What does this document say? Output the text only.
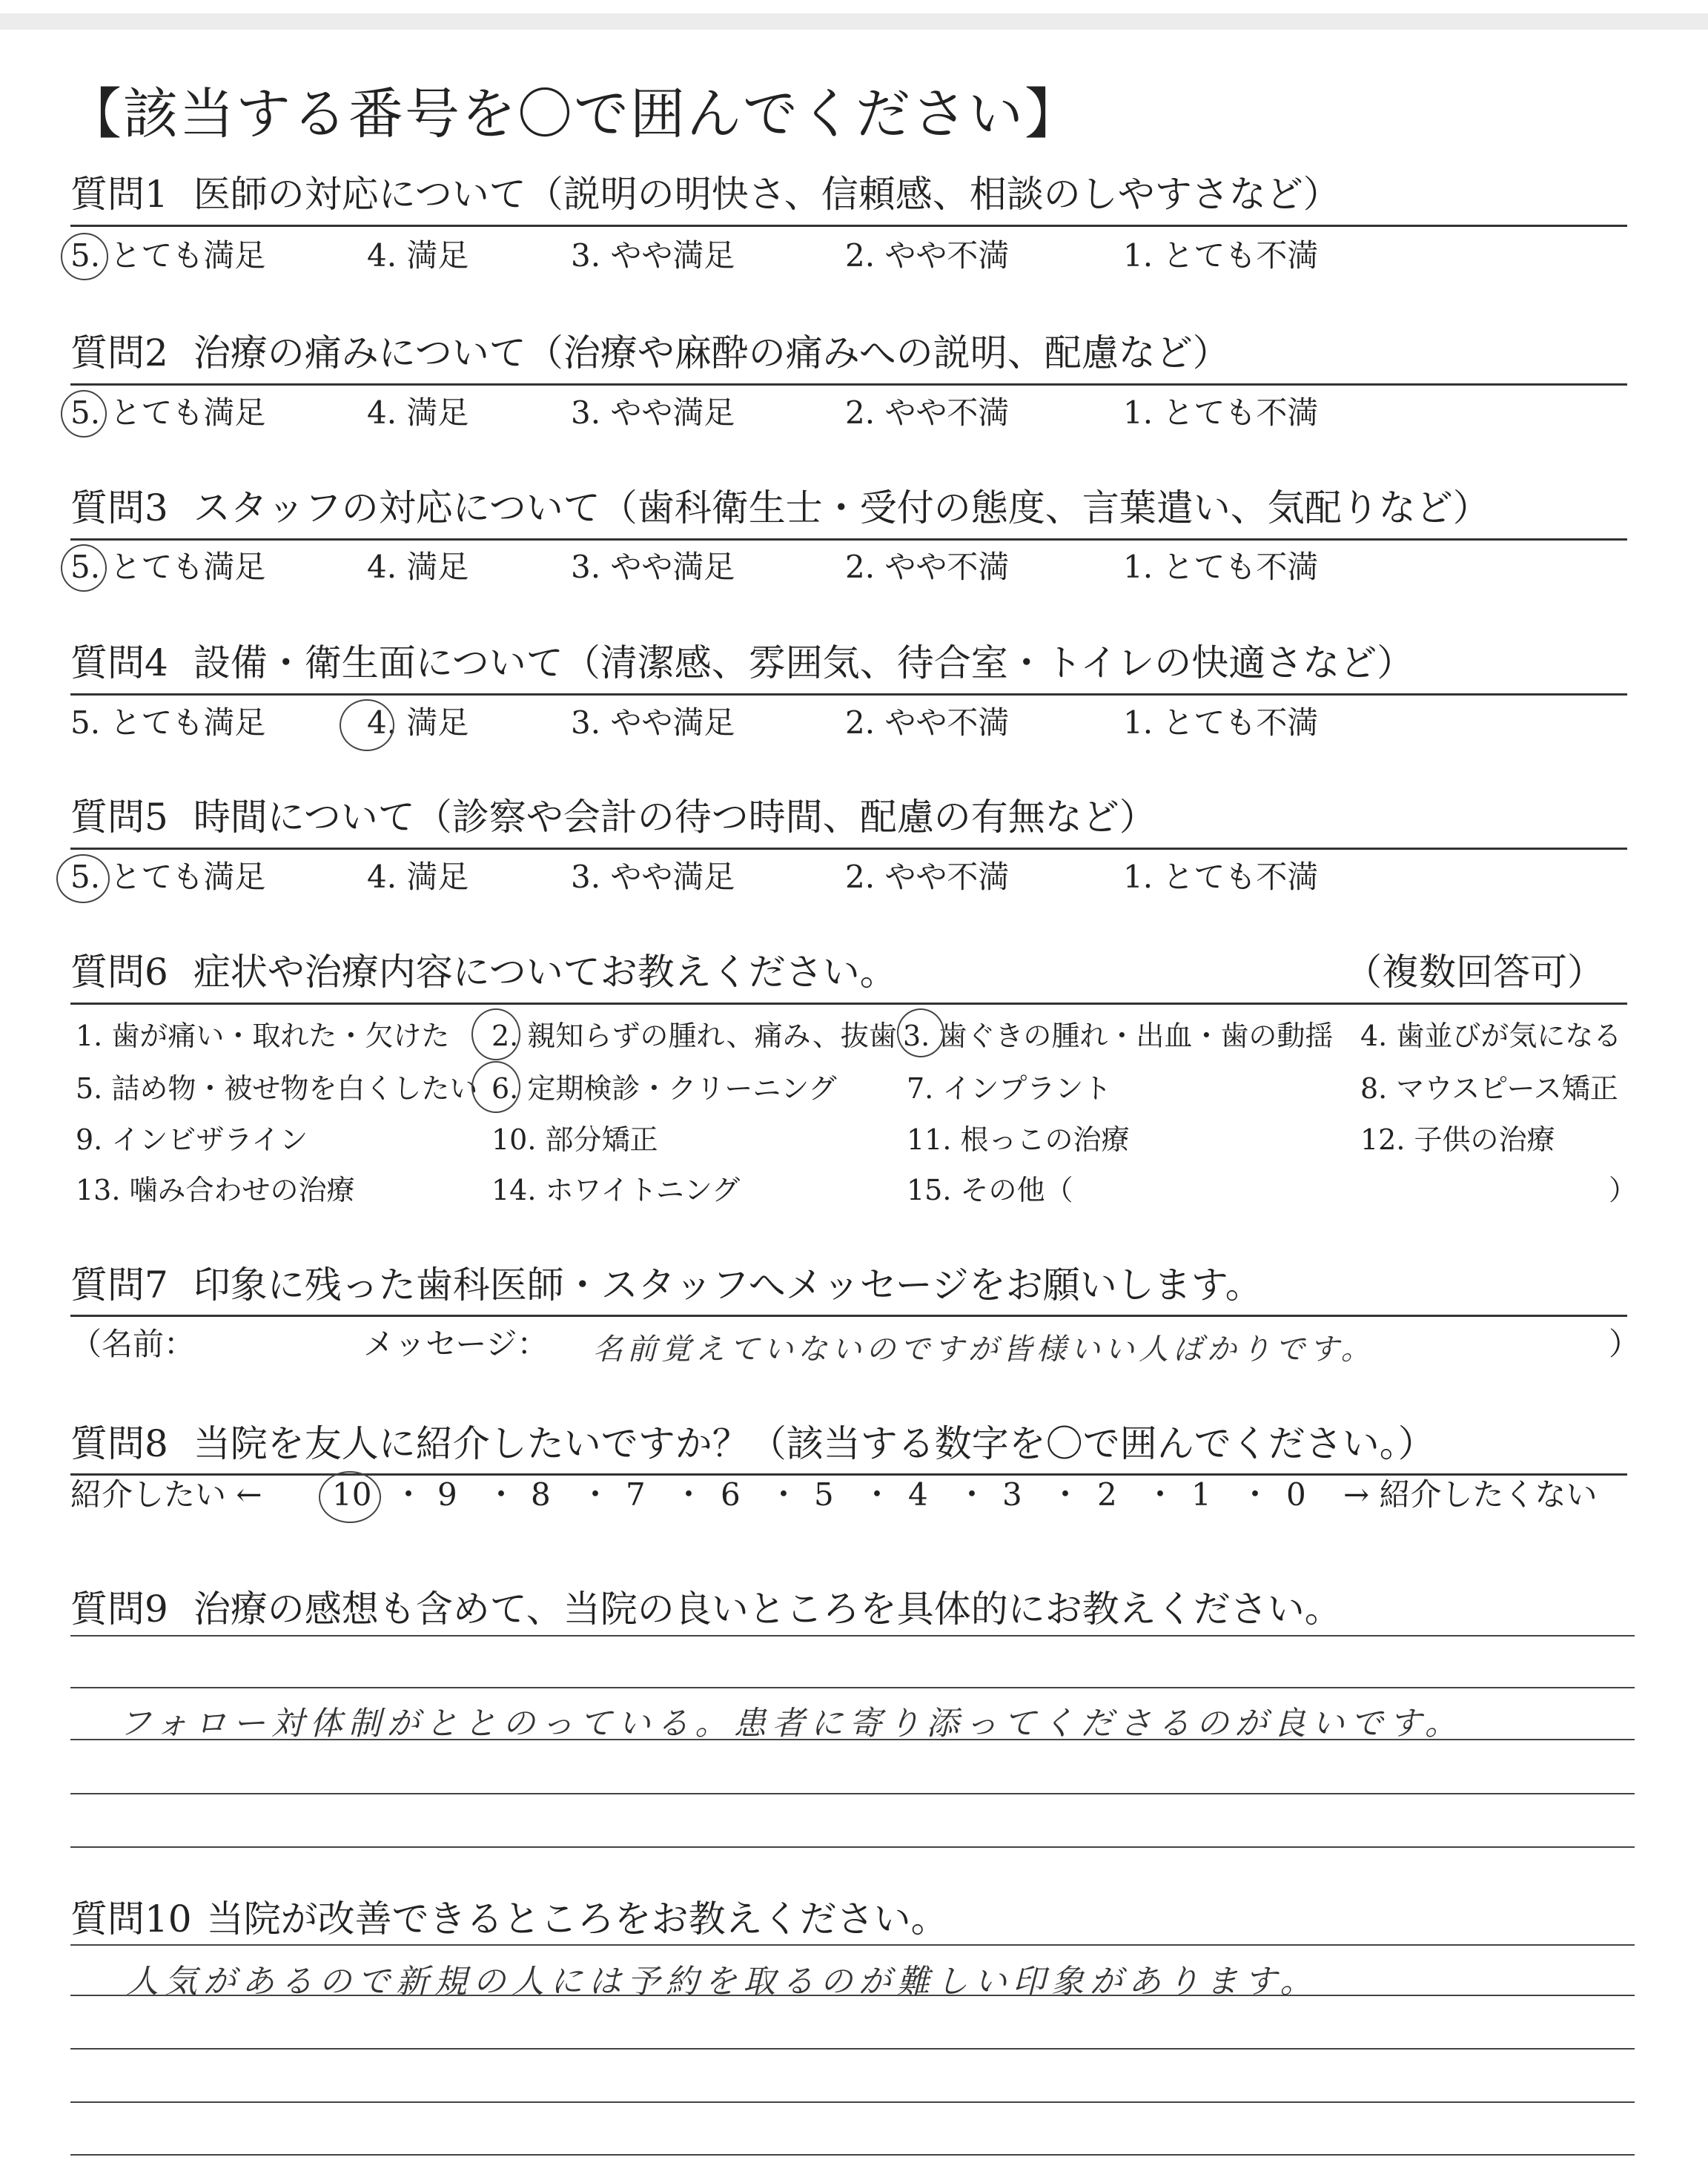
【該当する番号を〇で囲んでください】
質問1 医師の対応について（説明の明快さ、信頼感、相談のしやすさなど）
5. とても満足	4. 満足	3. やや満足	2. やや不満	1. とても不満
質問2 治療の痛みについて（治療や麻酔の痛みへの説明、配慮など）
5. とても満足	4. 満足	3. やや満足	2. やや不満	1. とても不満
質問3 スタッフの対応について（歯科衛生士・受付の態度、言葉遣い、気配りなど）
5. とても満足	4. 満足	3. やや満足	2. やや不満	1. とても不満
質問4 設備・衛生面について（清潔感、雰囲気、待合室・トイレの快適さなど）
5. とても満足	4. 満足	3. やや満足	2. やや不満	1. とても不満
質問5 時間について（診察や会計の待つ時間、配慮の有無など）
5. とても満足	4. 満足	3. やや満足	2. やや不満	1. とても不満
質問6 症状や治療内容についてお教えください。	（複数回答可）
1. 歯が痛い・取れた・欠けた 2. 親知らずの腫れ、痛み、抜歯 3. 歯ぐきの腫れ・出血・歯の動揺 4. 歯並びが気になる
5. 詰め物・被せ物を白くしたい 6. 定期検診・クリーニング 7. インプラント	8. マウスピース矯正
9. インビザライン	10. 部分矯正	11. 根っこの治療	12. 子供の治療
13. 噛み合わせの治療	14. ホワイトニング	15. その他（	）
質問7 印象に残った歯科医師・スタッフへメッセージをお願いします。
（名前：	メッセージ： 名前覚えていないのですが皆様いい人ばかりです。	）
質問8 当院を友人に紹介したいですか？（該当する数字を〇で囲んでください。）
紹介したい ← 10 ・ 9 ・ 8 ・ 7 ・ 6 ・ 5 ・ 4 ・ 3 ・ 2 ・ 1 ・ 0 → 紹介したくない
質問9 治療の感想も含めて、当院の良いところを具体的にお教えください。
フォロー対体制がととのっている。患者に寄り添ってくださるのが良いです。
質問10 当院が改善できるところをお教えください。
人気があるので新規の人には予約を取るのが難しい印象があります。
